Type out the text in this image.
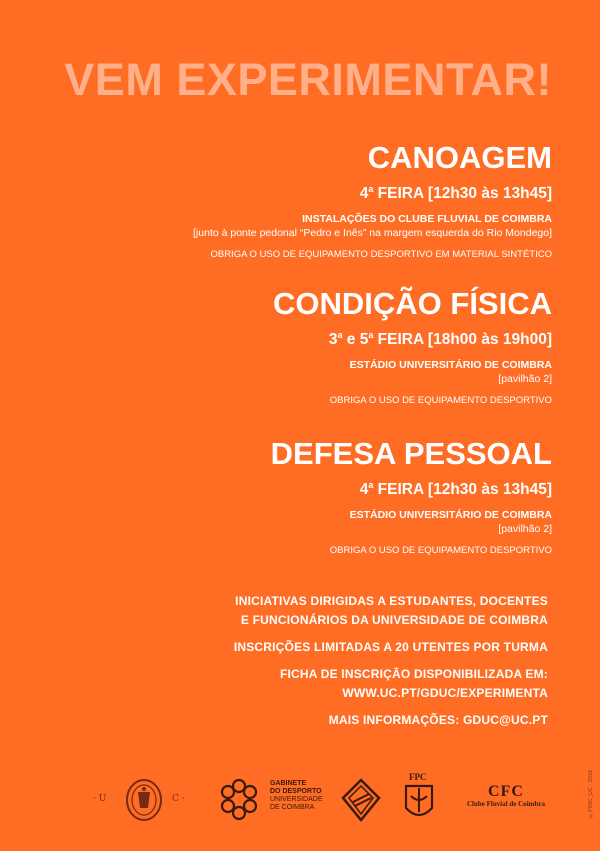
VEM EXPERIMENTAR!
CANOAGEM
4$^a$ FEIRA [12h30 às 13h45]
INSTALAÇÕES DO CLUBE FLUVIAL DE COIMBRA
[junto à ponte pedonal “Pedro e Inês” na margem esquerda do Rio Mondego]
OBRIGA O USO DE EQUIPAMENTO DESPORTIVO EM MATERIAL SINTÉTICO
CONDIÇÃO FÍSICA
3$^a$ e 5$^a$ FEIRA [18h00 às 19h00]
ESTÁDIO UNIVERSITÁRIO DE COIMBRA
[pavilhão 2]
OBRIGA O USO DE EQUIPAMENTO DESPORTIVO
DEFESA PESSOAL
4$^a$ FEIRA [12h30 às 13h45]
ESTÁDIO UNIVERSITÁRIO DE COIMBRA
[pavilhão 2]
OBRIGA O USO DE EQUIPAMENTO DESPORTIVO
INICIATIVAS DIRIGIDAS A ESTUDANTES, DOCENTES
E FUNCIONÁRIOS DA UNIVERSIDADE DE COIMBRA
INSCRIÇÕES LIMITADAS A 20 UTENTES POR TURMA
FICHA DE INSCRIÇÃO DISPONIBILIZADA EM:
WWW.UC.PT/GDUC/EXPERIMENTA
MAIS INFORMAÇÕES: GDUC@UC.PT
· U	C ·
FPC
CFC
Clube Fluvial de Coimbra
GABINETE
DO DESPORTO
UNIVERSIDADE
DE COIMBRA	©PIMC_UC · 2016
